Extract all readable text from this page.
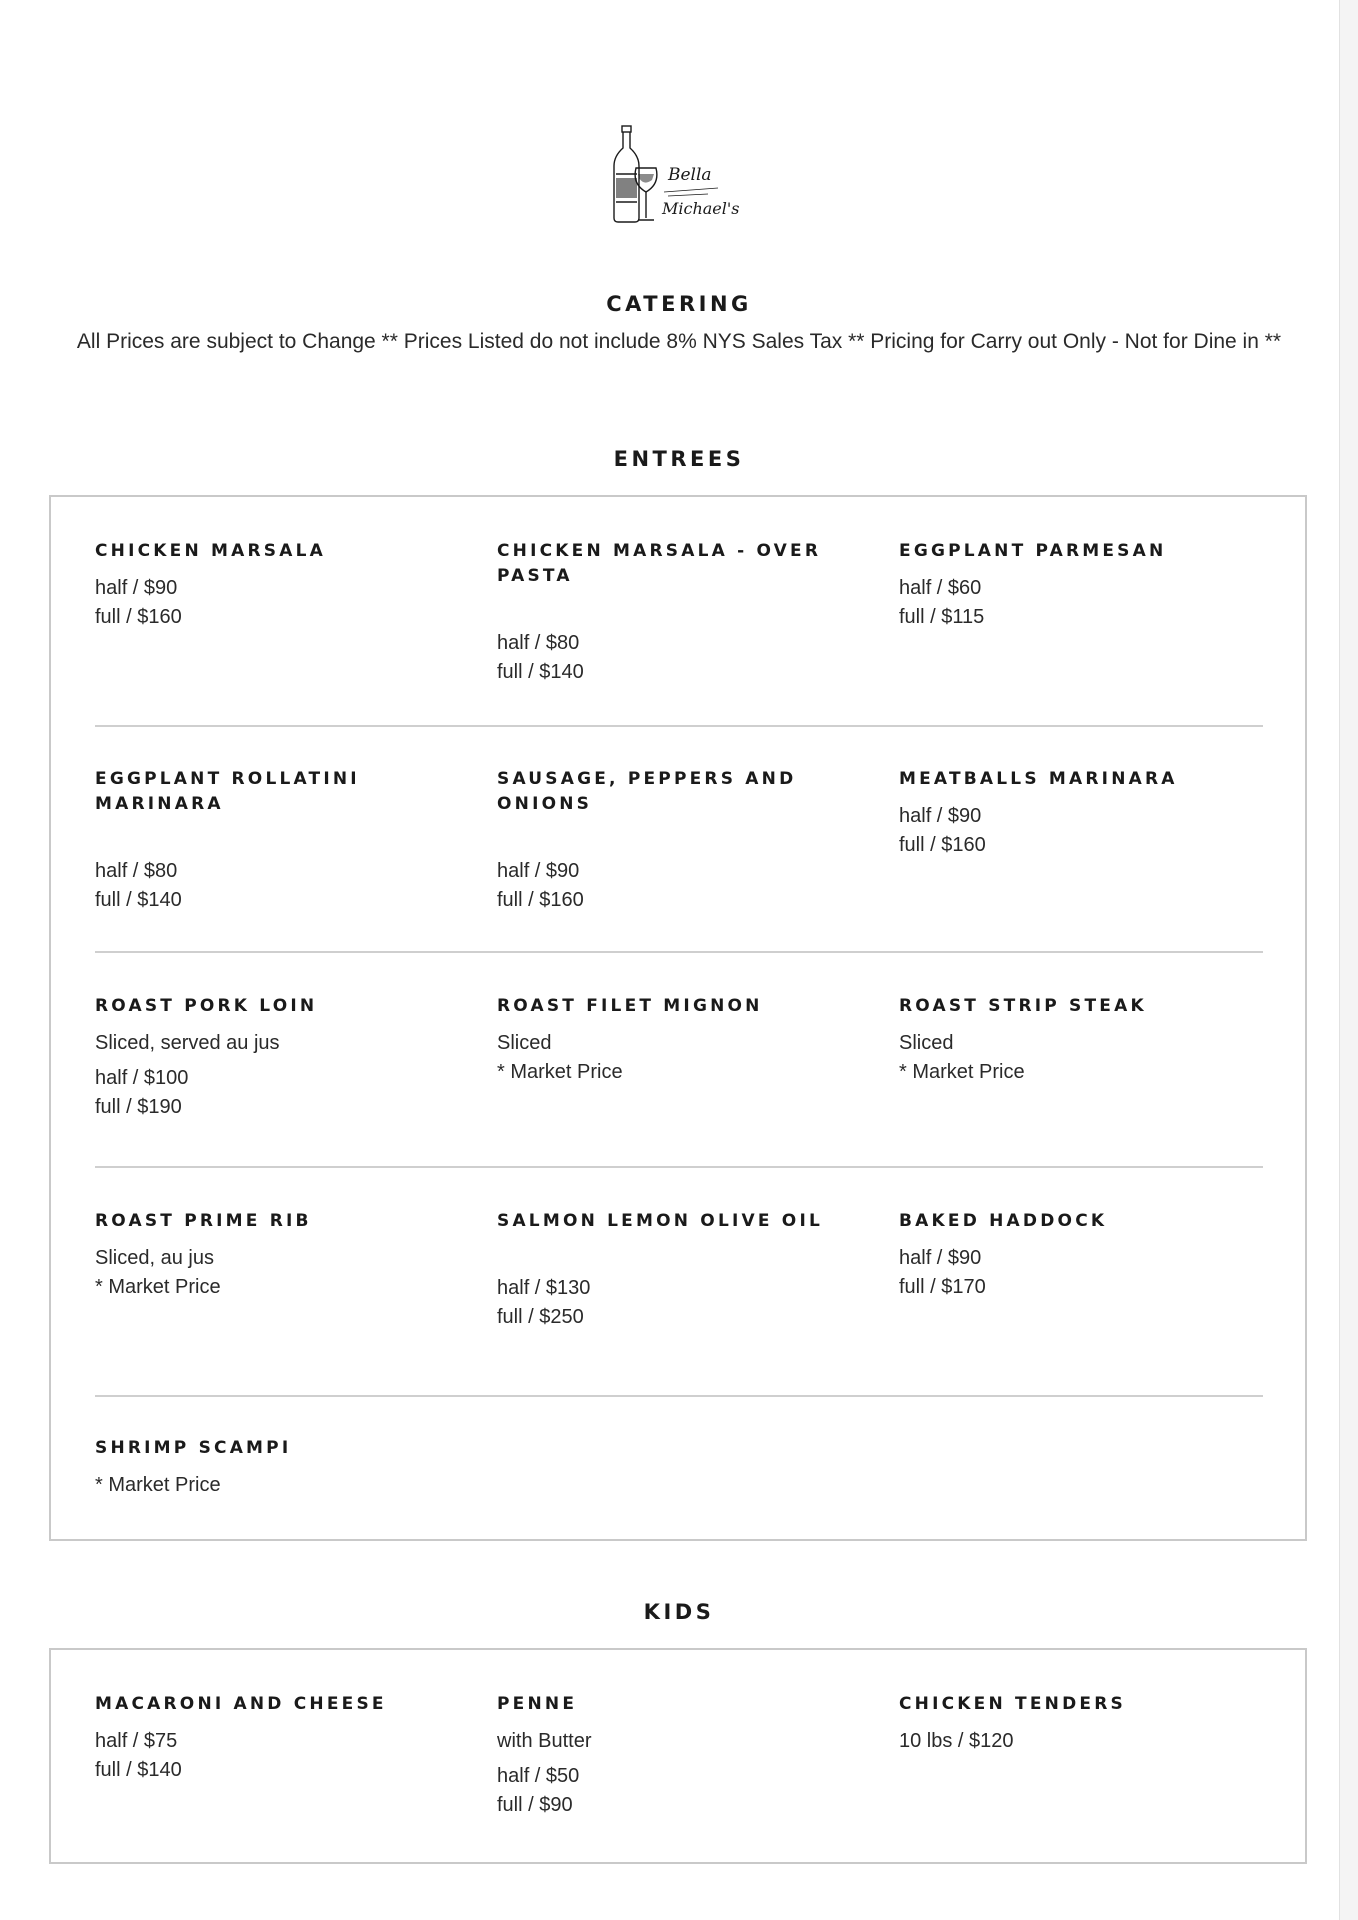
Bella
Michael's
CATERING
All Prices are subject to Change ** Prices Listed do not include 8% NYS Sales Tax ** Pricing for Carry out Only - Not for Dine in **
ENTREES
CHICKEN MARSALA
half / $90
full / $160
CHICKEN MARSALA - OVER PASTA
half / $80
full / $140
EGGPLANT PARMESAN
half / $60
full / $115
EGGPLANT ROLLATINI MARINARA
half / $80
full / $140
SAUSAGE, PEPPERS AND ONIONS
half / $90
full / $160
MEATBALLS MARINARA
half / $90
full / $160
ROAST PORK LOIN
Sliced, served au jus
half / $100
full / $190
ROAST FILET MIGNON
Sliced
* Market Price
ROAST STRIP STEAK
Sliced
* Market Price
ROAST PRIME RIB
Sliced, au jus
* Market Price
SALMON LEMON OLIVE OIL
half / $130
full / $250
BAKED HADDOCK
half / $90
full / $170
SHRIMP SCAMPI
* Market Price
KIDS
MACARONI AND CHEESE
half / $75
full / $140
PENNE
with Butter
half / $50
full / $90
CHICKEN TENDERS
10 lbs / $120
